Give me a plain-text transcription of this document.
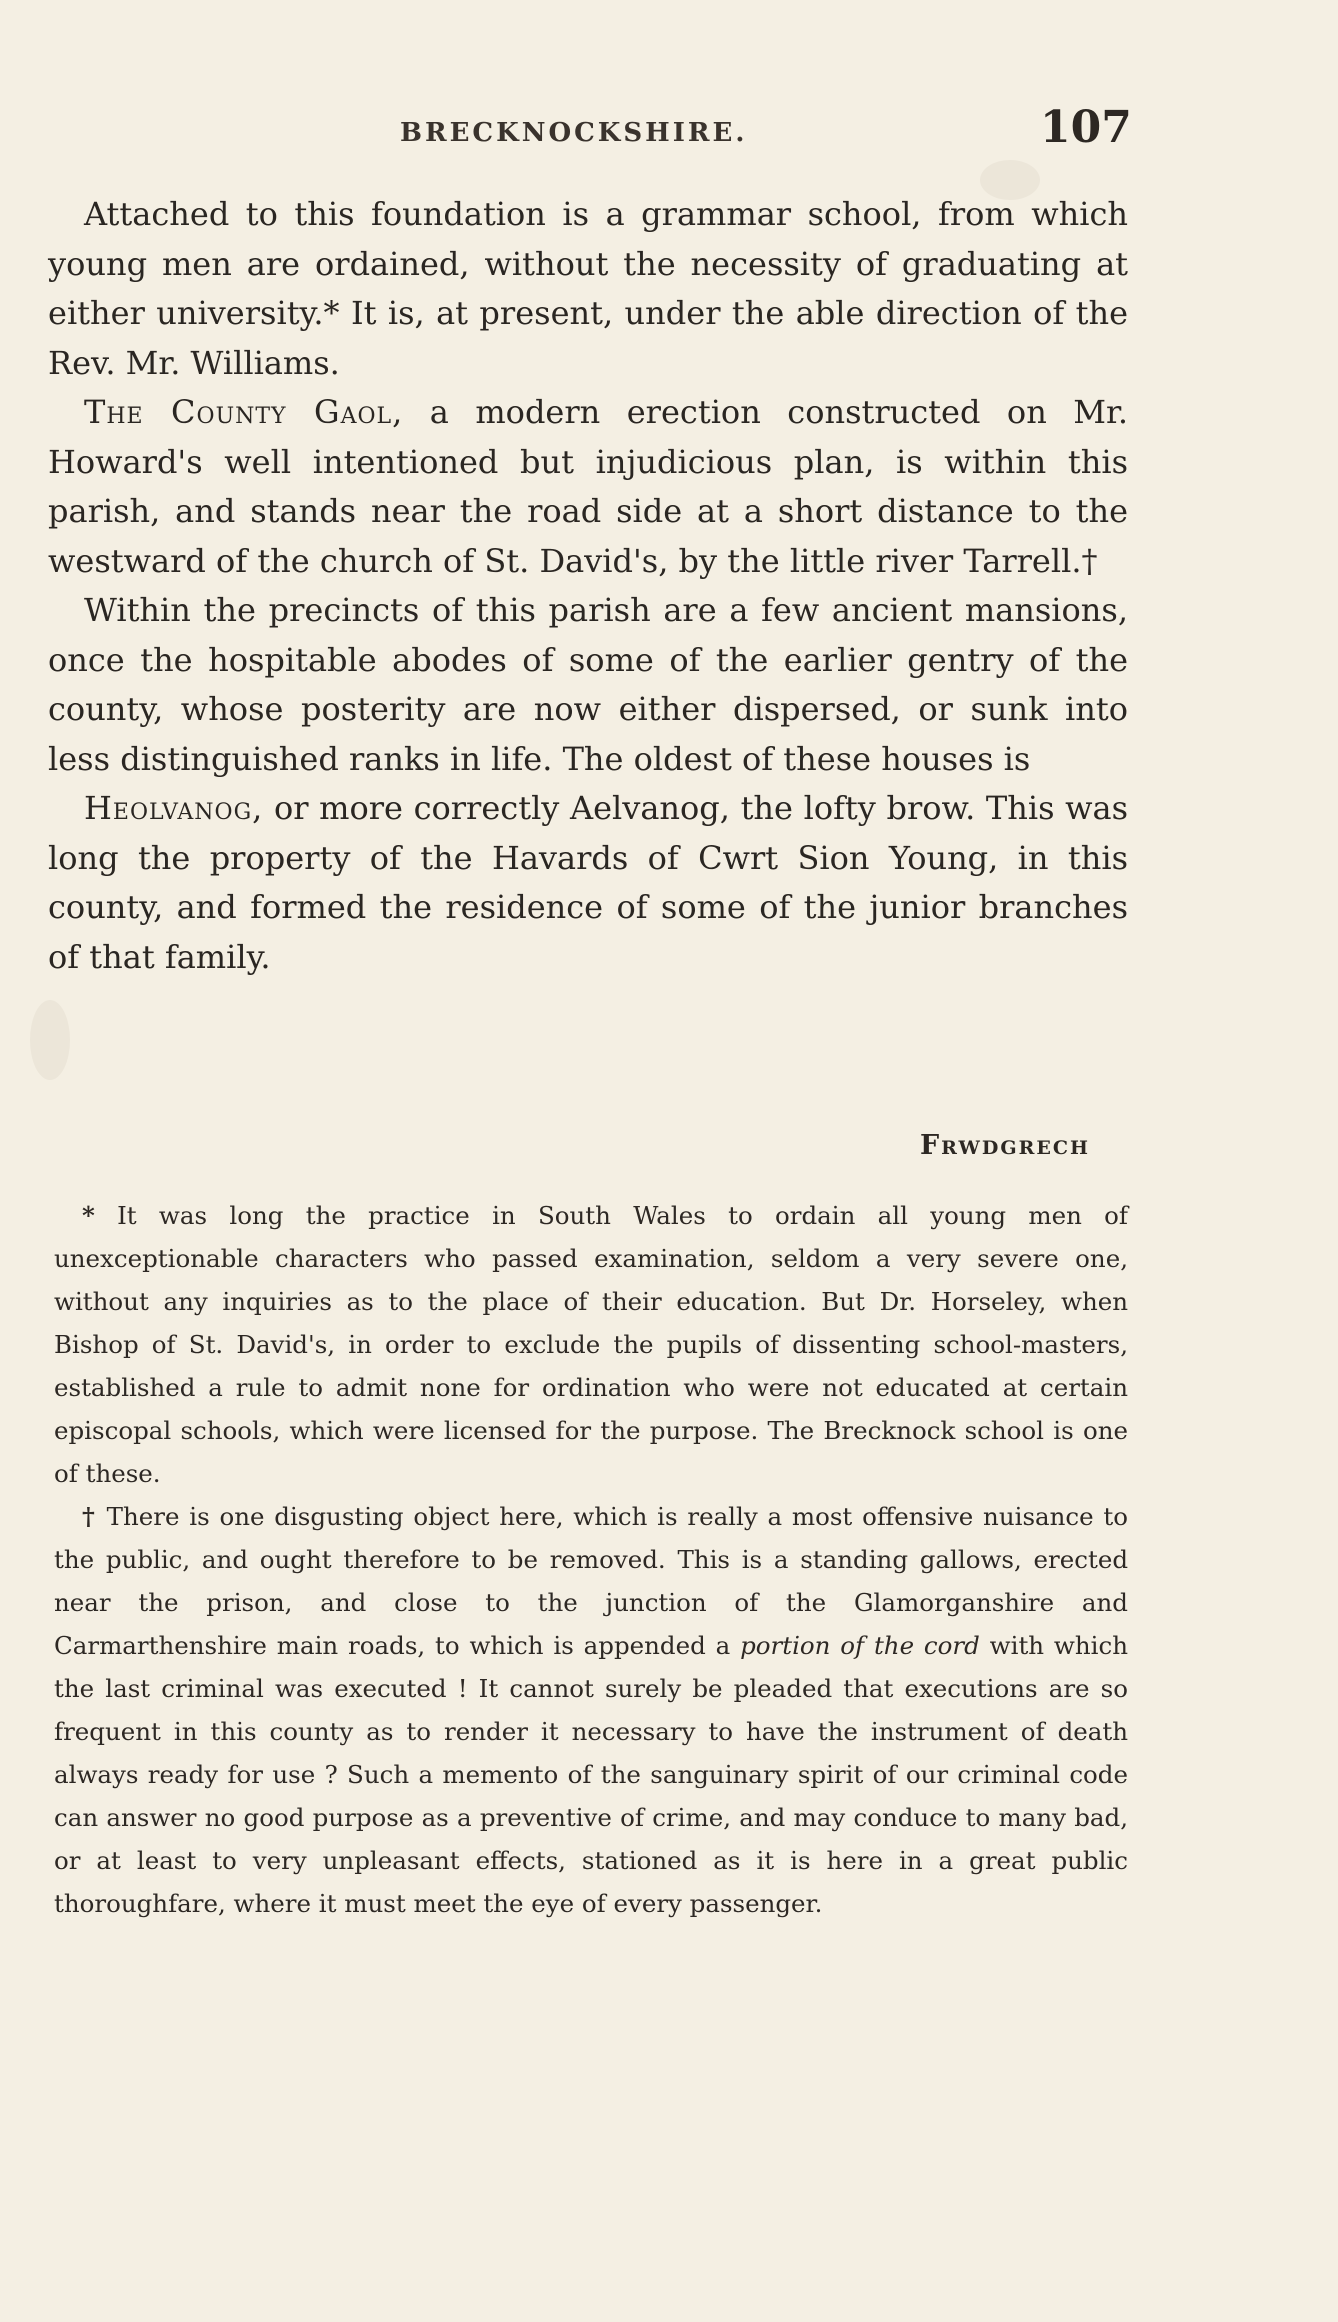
BRECKNOCKSHIRE.	107

Attached to this foundation is a grammar school, from which young men are ordained, without the necessity of graduating at either university.* It is, at present, under the able direction of the Rev. Mr. Williams.

The County Gaol, a modern erection constructed on Mr. Howard's well intentioned but injudicious plan, is within this parish, and stands near the road side at a short distance to the westward of the church of St. David's, by the little river Tarrell.†

Within the precincts of this parish are a few ancient mansions, once the hospitable abodes of some of the earlier gentry of the county, whose posterity are now either dispersed, or sunk into less distinguished ranks in life. The oldest of these houses is

Heolvanog, or more correctly Aelvanog, the lofty brow. This was long the property of the Havards of Cwrt Sion Young, in this county, and formed the residence of some of the junior branches of that family.

Frwdgrech

* It was long the practice in South Wales to ordain all young men of unexceptionable characters who passed examination, seldom a very severe one, without any inquiries as to the place of their education. But Dr. Horseley, when Bishop of St. David's, in order to exclude the pupils of dissenting school-masters, established a rule to admit none for ordination who were not educated at certain episcopal schools, which were licensed for the purpose. The Brecknock school is one of these.

† There is one disgusting object here, which is really a most offensive nuisance to the public, and ought therefore to be removed. This is a standing gallows, erected near the prison, and close to the junction of the Glamorganshire and Carmarthenshire main roads, to which is appended a portion of the cord with which the last criminal was executed ! It cannot surely be pleaded that executions are so frequent in this county as to render it necessary to have the instrument of death always ready for use ? Such a memento of the sanguinary spirit of our criminal code can answer no good purpose as a preventive of crime, and may conduce to many bad, or at least to very unpleasant effects, stationed as it is here in a great public thoroughfare, where it must meet the eye of every passenger.
